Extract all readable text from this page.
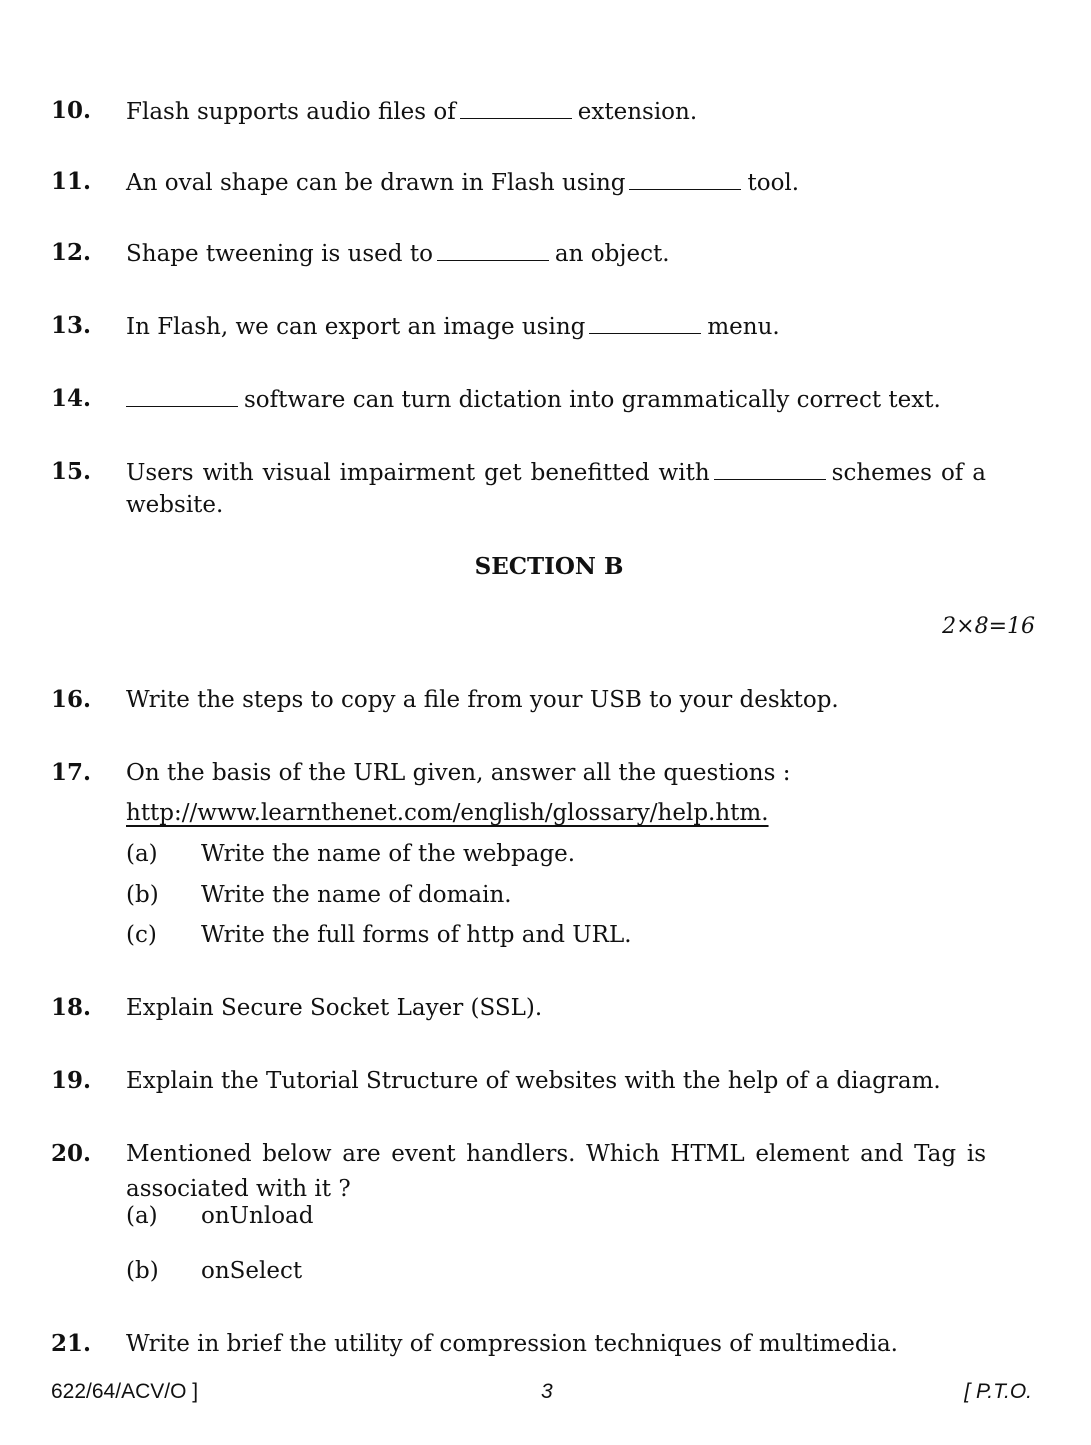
10. Flash supports audio files of	extension.
11. An oval shape can be drawn in Flash using	tool.
12. Shape tweening is used to	an object.
13. In Flash, we can export an image using	menu.
14.	software can turn dictation into grammatically correct text.
15. Users with visual impairment get benefitted with	schemes of a website.
SECTION B
2×8=16
16. Write the steps to copy a file from your USB to your desktop.
17. On the basis of the URL given, answer all the questions :
http://www.learnthenet.com/english/glossary/help.htm.
(a)	Write the name of the webpage.
(b)	Write the name of domain.
(c)	Write the full forms of http and URL.
18. Explain Secure Socket Layer (SSL).
19. Explain the Tutorial Structure of websites with the help of a diagram.
20. Mentioned below are event handlers. Which HTML element and Tag is associated with it ?
(a)	onUnload
(b)	onSelect
21. Write in brief the utility of compression techniques of multimedia.
622/64/ACV/O ]	3	[ P.T.O.
